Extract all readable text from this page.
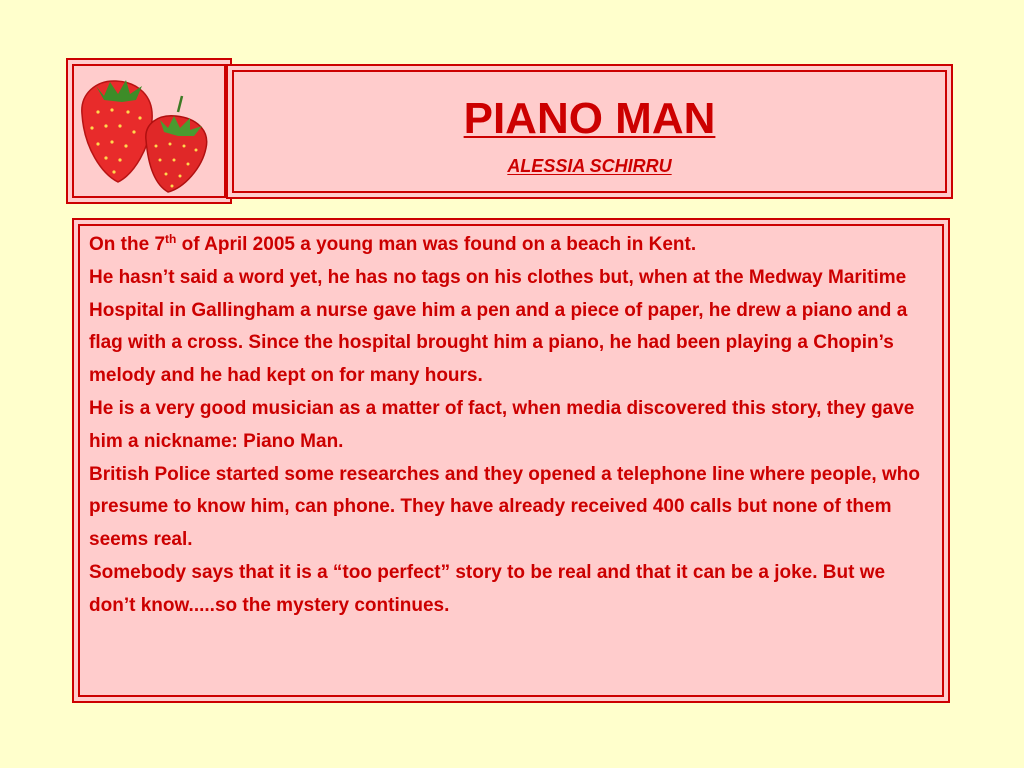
PIANO MAN
ALESSIA SCHIRRU

On the 7th of April 2005 a young man was found on a beach in Kent.

He hasn’t said a word yet, he has no tags on his clothes but, when at the Medway Maritime Hospital in Gallingham a nurse gave him a pen and a piece of paper, he drew a piano and a flag with a cross. Since the hospital brought him a piano, he had been playing a Chopin’s melody and he had kept on for many hours.

He is a very good musician as a matter of fact, when media discovered this story, they gave him a nickname: Piano Man.

British Police started some researches and they opened a telephone line where people, who presume to know him, can phone. They have already received 400 calls but none of them seems real.

Somebody says that it is a “too perfect” story to be real and that it can be a joke. But we don’t know.....so the mystery continues.
